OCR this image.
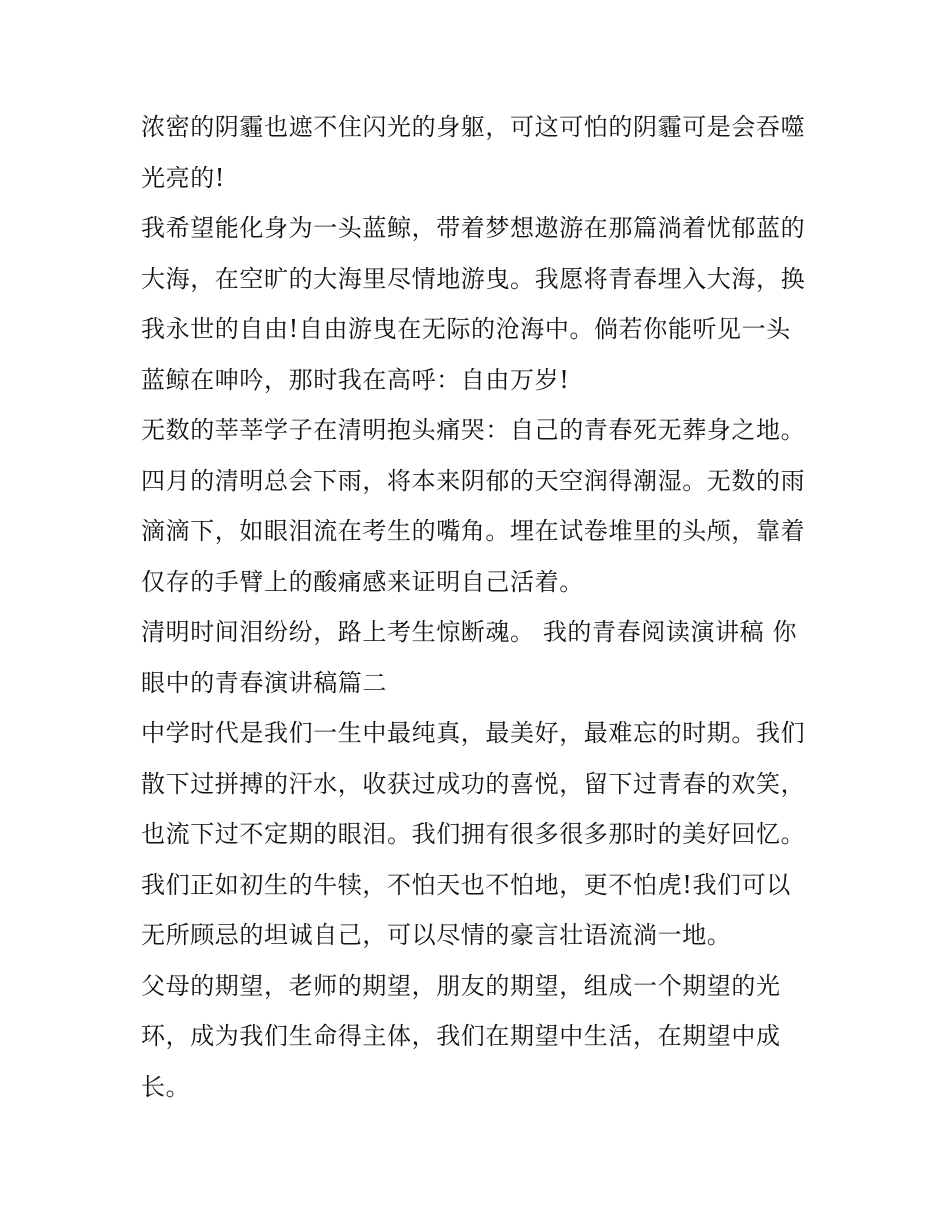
浓密的阴霾也遮不住闪光的身躯，可这可怕的阴霾可是会吞噬
光亮的!
我希望能化身为一头蓝鲸，带着梦想遨游在那篇淌着忧郁蓝的
大海，在空旷的大海里尽情地游曳。我愿将青春埋入大海，换
我永世的自由!自由游曳在无际的沧海中。倘若你能听见一头
蓝鲸在呻吟，那时我在高呼：自由万岁!
无数的莘莘学子在清明抱头痛哭：自己的青春死无葬身之地。
四月的清明总会下雨，将本来阴郁的天空润得潮湿。无数的雨
滴滴下，如眼泪流在考生的嘴角。埋在试卷堆里的头颅，靠着
仅存的手臂上的酸痛感来证明自己活着。
清明时间泪纷纷，路上考生惊断魂。 我的青春阅读演讲稿 你
眼中的青春演讲稿篇二
中学时代是我们一生中最纯真，最美好，最难忘的时期。我们
散下过拼搏的汗水，收获过成功的喜悦，留下过青春的欢笑，
也流下过不定期的眼泪。我们拥有很多很多那时的美好回忆。
我们正如初生的牛犊，不怕天也不怕地，更不怕虎!我们可以
无所顾忌的坦诚自己，可以尽情的豪言壮语流淌一地。
父母的期望，老师的期望，朋友的期望，组成一个期望的光
环，成为我们生命得主体，我们在期望中生活，在期望中成
长。
